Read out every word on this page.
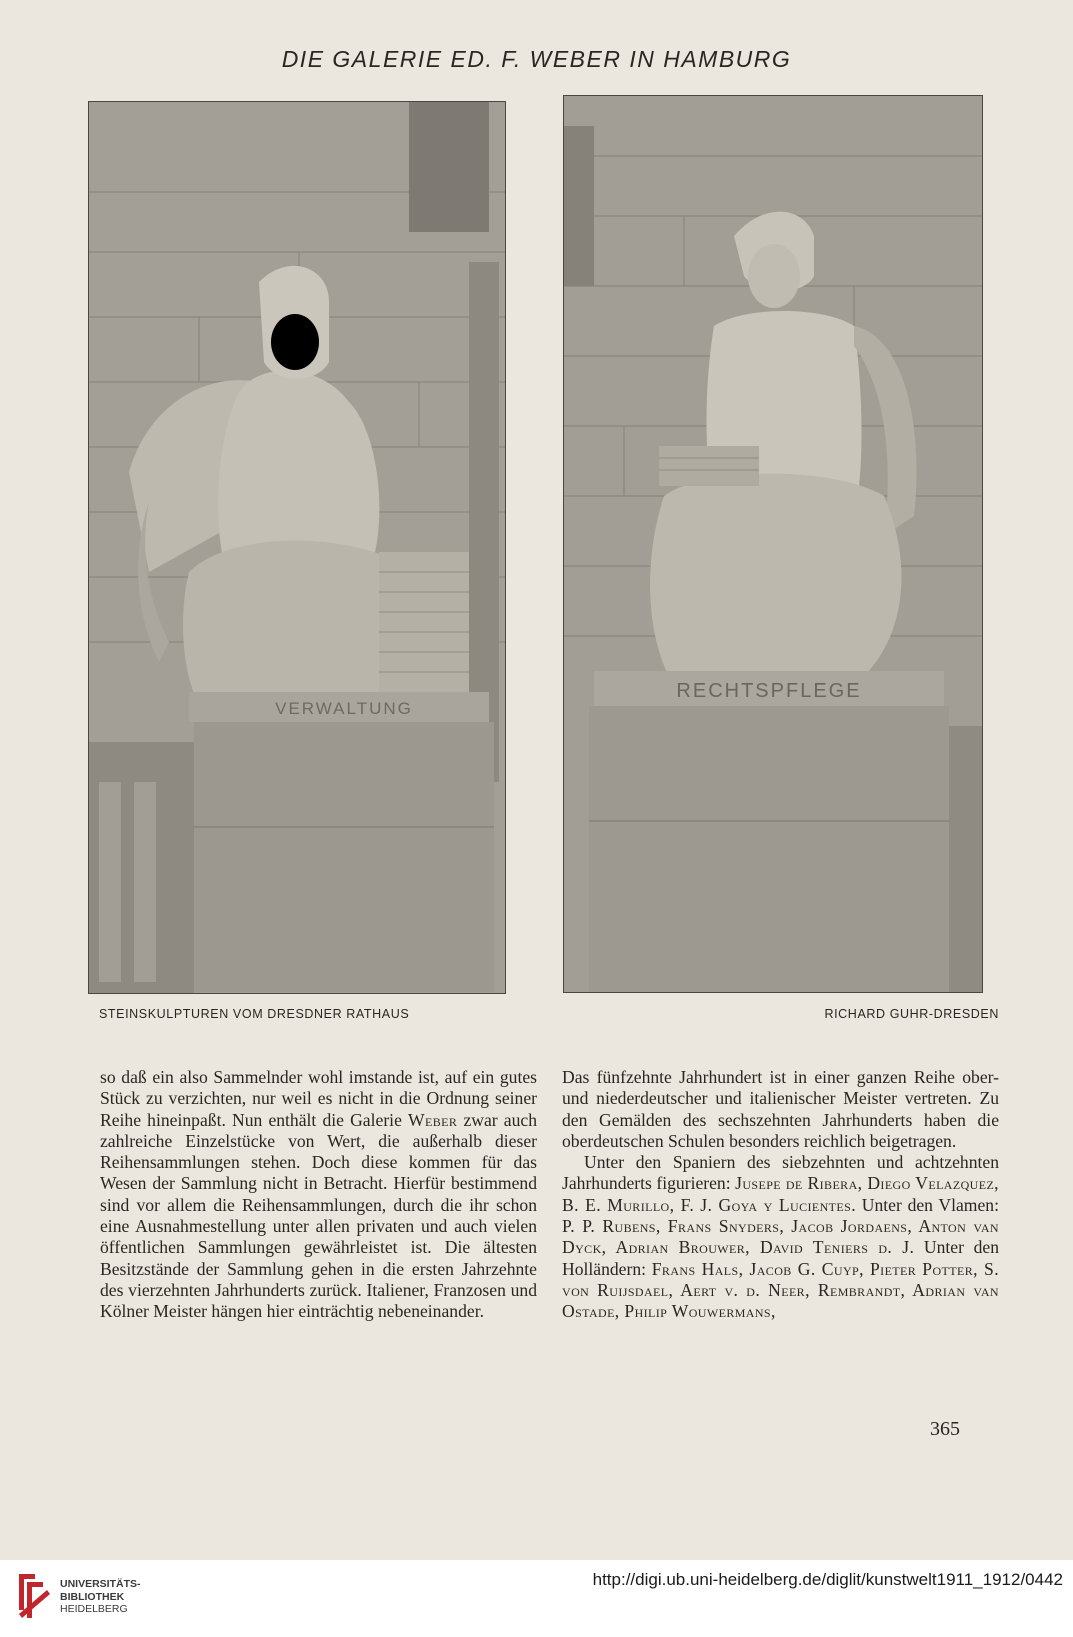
DIE GALERIE ED. F. WEBER IN HAMBURG
VERWALTUNG
RECHTSPFLEGE
STEINSKULPTUREN VOM DRESDNER RATHAUS	RICHARD GUHR-DRESDEN

so daß ein also Sammelnder wohl imstande ist, auf ein gutes Stück zu verzichten, nur weil es nicht in die Ordnung seiner Reihe hineinpaßt. Nun enthält die Galerie Weber zwar auch zahlreiche Einzelstücke von Wert, die außerhalb dieser Reihensammlungen stehen. Doch diese kommen für das Wesen der Sammlung nicht in Betracht. Hierfür bestimmend sind vor allem die Reihensammlungen, durch die ihr schon eine Ausnahmestellung unter allen privaten und auch vielen öffentlichen Sammlungen gewährleistet ist. Die ältesten Besitzstände der Sammlung gehen in die ersten Jahrzehnte des vierzehnten Jahrhunderts zurück. Italiener, Franzosen und Kölner Meister hängen hier einträchtig nebeneinander.

Das fünfzehnte Jahrhundert ist in einer ganzen Reihe ober- und niederdeutscher und italienischer Meister vertreten. Zu den Gemälden des sechszehnten Jahrhunderts haben die oberdeutschen Schulen besonders reichlich beigetragen.

Unter den Spaniern des siebzehnten und achtzehnten Jahrhunderts figurieren: Jusepe de Ribera, Diego Velazquez, B. E. Murillo, F. J. Goya y Lucientes. Unter den Vlamen: P. P. Rubens, Frans Snyders, Jacob Jordaens, Anton van Dyck, Adrian Brouwer, David Teniers d. J. Unter den Holländern: Frans Hals, Jacob G. Cuyp, Pieter Potter, S. von Ruijsdael, Aert v. d. Neer, Rembrandt, Adrian van Ostade, Philip Wouwermans,

365
UNIVERSITÄTS-
BIBLIOTHEK
HEIDELBERG
http://digi.ub.uni-heidelberg.de/diglit/kunstwelt1911_1912/0442
